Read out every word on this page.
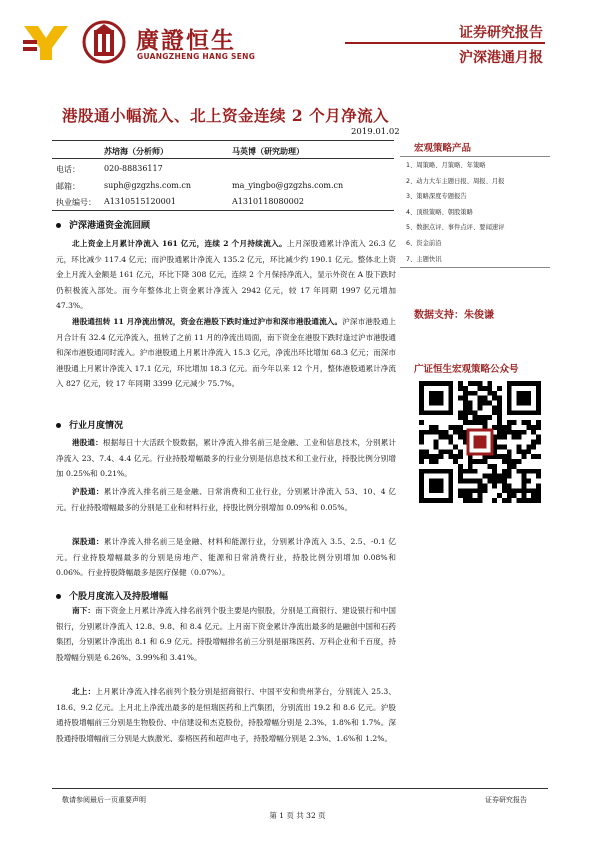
廣證恒生
GUANGZHENG HANG SENG
证券研究报告
沪深港通月报
港股通小幅流入、北上资金连续 2 个月净流入
2019.01.02
苏培海（分析师）	马英博（研究助理）
电话：	020-88836117
邮箱：	suph@gzgzhs.com.cn	ma_yingbo@gzgzhs.com.cn
执业编号： A1310515120001	A1310118080002
沪深港通资金流回顾
北上资金上月累计净流入 161 亿元，连续 2 个月持续流入。上月深股通累计净流入 26.3 亿元，环比减少 117.4 亿元；而沪股通累计净流入 135.2 亿元，环比减少约 190.1 亿元。整体北上资金上月流入金额是 161 亿元，环比下降 308 亿元，连续 2 个月保持净流入，显示外资在 A 股下跌时仍积极流入部处。而今年整体北上资金累计净流入 2942 亿元，较 17 年同期 1997 亿元增加 47.3%。
港股通扭转 11 月净流出情况，资金在港股下跌时逢过沪市和深市港股通流入。沪深市港股通上月合计有 32.4 亿元净流入，扭转了之前 11 月的净流出局面，南下资金在港股下跌时逢过沪市港股通和深市港股通同时流入。沪市港股通上月累计净流入 15.3 亿元，净流出环比增加 68.3 亿元；而深市港股通上月累计净流入 17.1 亿元，环比增加 18.3 亿元。而今年以来 12 个月，整体港股通累计净流入 827 亿元，较 17 年同期 3399 亿元减少 75.7%。
行业月度情况
港股通：根据每日十大活跃个股数据，累计净流入排名前三是金融、工业和信息技术，分别累计净流入 23、7.4、4.4 亿元。行业持股增幅最多的行业分别是信息技术和工业行业，持股比例分别增加 0.25%和 0.21%。
沪股通：累计净流入排名前三是金融、日常消费和工业行业，分别累计净流入 53、10、4 亿元。行业持股增幅最多的分别是工业和材料行业，持股比例分别增加 0.09%和 0.05%。
深股通：累计净流入排名前三是金融、材料和能源行业，分别累计净流入 3.5、2.5、-0.1 亿元。行业持股增幅最多的分别是房地产、能源和日常消费行业，持股比例分别增加 0.08%和 0.06%。行业持股降幅最多是医疗保健（0.07%）。
个股月度流入及持股增幅
南下：南下资金上月累计净流入排名前列个股主要是内银股，分别是工商银行、建设银行和中国银行，分别累计净流入 12.8、9.8、和 8.4 亿元。上月南下资金累计净流出最多的是融创中国和石药集团，分别累计净流出 8.1 和 6.9 亿元。持股增幅排名前三分别是丽珠医药、万科企业和千百度，持股增幅分别是 6.26%、3.99%和 3.41%。
北上：上月累计净流入排名前列个股分别是招商银行、中国平安和贵州茅台，分别流入 25.3、18.6、9.2 亿元。上月北上净流出最多的是恒瑞医药和上汽集团，分别流出 19.2 和 8.6 亿元。沪股通持股增幅前三分别是生物股份、中信建设和杰克股份，持股增幅分别是 2.3%、1.8%和 1.7%。深股通持股增幅前三分别是大族激光、泰格医药和超声电子，持股增幅分别是 2.3%、1.6%和 1.2%。
宏观策略产品
1、周策略、月策略、年策略
2、动力大车主题日报、周报、月报
3、策略深度专题报告
4、顶级策略、朝股策略
5、数据点评、事件点评、要闻速评
6、资金前沿
7、主题快讯
数据支持：朱俊谦
广证恒生宏观策略公众号
敬请参阅最后一页重要声明	证券研究报告
第 1 页 共 32 页
